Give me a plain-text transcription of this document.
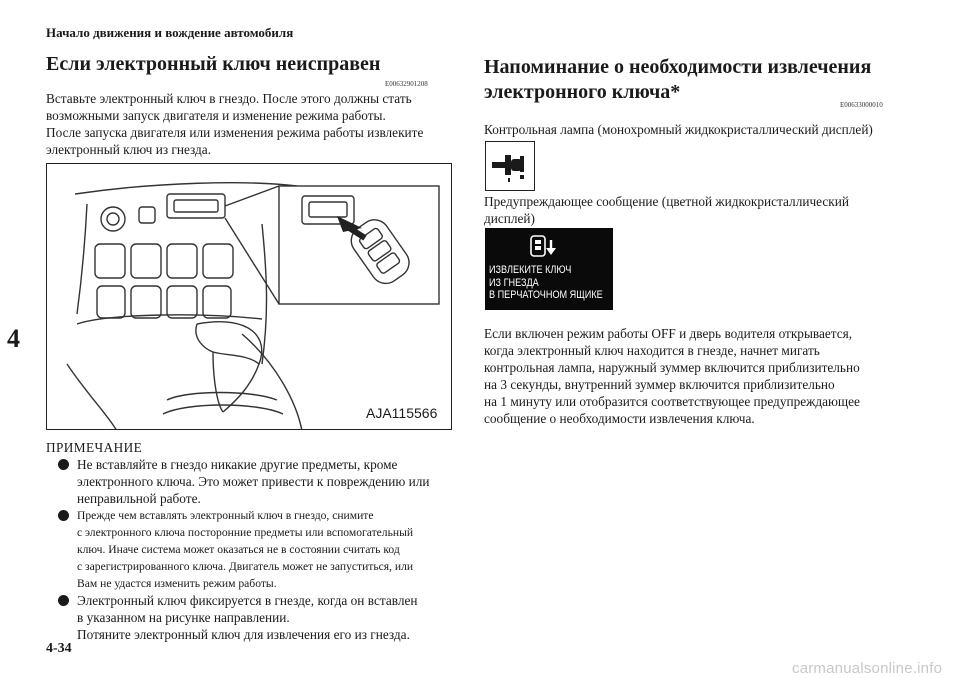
Начало движения и вождение автомобиля
4
4-34
carmanualsonline.info
Если электронный ключ неисправен
E00632901208
Вставьте электронный ключ в гнездо. После этого должны стать
возможными запуск двигателя и изменение режима работы.
После запуска двигателя или изменения режима работы извлеките
электронный ключ из гнезда.
AJA115566
ПРИМЕЧАНИЕ
Не вставляйте в гнездо никакие другие предметы, кроме
электронного ключа. Это может привести к повреждению или
неправильной работе.
Прежде чем вставлять электронный ключ в гнездо, снимите
с электронного ключа посторонние предметы или вспомогательный
ключ. Иначе система может оказаться не в состоянии считать код
с зарегистрированного ключа. Двигатель может не запуститься, или
Вам не удастся изменить режим работы.
Электронный ключ фиксируется в гнезде, когда он вставлен
в указанном на рисунке направлении.
Потяните электронный ключ для извлечения его из гнезда.
Напоминание о необходимости извлечения
электронного ключа*
E00633000010
Контрольная лампа (монохромный жидкокристаллический дисплей)
Предупреждающее сообщение (цветной жидкокристаллический
дисплей)
ИЗВЛЕКИТЕ КЛЮЧ
ИЗ ГНЕЗДА
В ПЕРЧАТОЧНОМ ЯЩИКЕ
Если включен режим работы OFF и дверь водителя открывается,
когда электронный ключ находится в гнезде, начнет мигать
контрольная лампа, наружный зуммер включится приблизительно
на 3 секунды, внутренний зуммер включится приблизительно
на 1 минуту или отобразится соответствующее предупреждающее
сообщение о необходимости извлечения ключа.
